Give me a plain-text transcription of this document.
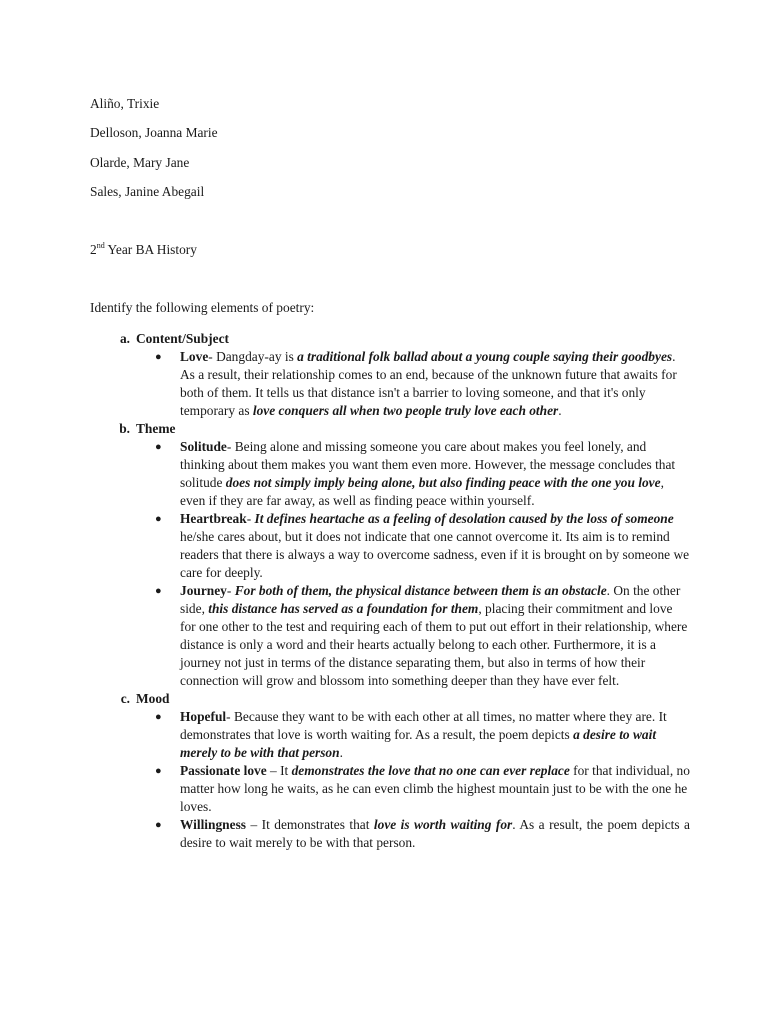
Aliño, Trixie
Delloson, Joanna Marie
Olarde, Mary Jane
Sales, Janine Abegail
2nd Year BA History
Identify the following elements of poetry:
a. Content/Subject
● Love- Dangday-ay is a traditional folk ballad about a young couple saying their goodbyes. As a result, their relationship comes to an end, because of the unknown future that awaits for both of them. It tells us that distance isn't a barrier to loving someone, and that it's only temporary as love conquers all when two people truly love each other.
b. Theme
● Solitude- Being alone and missing someone you care about makes you feel lonely, and thinking about them makes you want them even more. However, the message concludes that solitude does not simply imply being alone, but also finding peace with the one you love, even if they are far away, as well as finding peace within yourself.
● Heartbreak- It defines heartache as a feeling of desolation caused by the loss of someone he/she cares about, but it does not indicate that one cannot overcome it. Its aim is to remind readers that there is always a way to overcome sadness, even if it is brought on by someone we care for deeply.
● Journey- For both of them, the physical distance between them is an obstacle. On the other side, this distance has served as a foundation for them, placing their commitment and love for one other to the test and requiring each of them to put out effort in their relationship, where distance is only a word and their hearts actually belong to each other. Furthermore, it is a journey not just in terms of the distance separating them, but also in terms of how their connection will grow and blossom into something deeper than they have ever felt.
c. Mood
● Hopeful- Because they want to be with each other at all times, no matter where they are. It demonstrates that love is worth waiting for. As a result, the poem depicts a desire to wait merely to be with that person.
● Passionate love – It demonstrates the love that no one can ever replace for that individual, no matter how long he waits, as he can even climb the highest mountain just to be with the one he loves.
● Willingness – It demonstrates that love is worth waiting for. As a result, the poem depicts a desire to wait merely to be with that person.
